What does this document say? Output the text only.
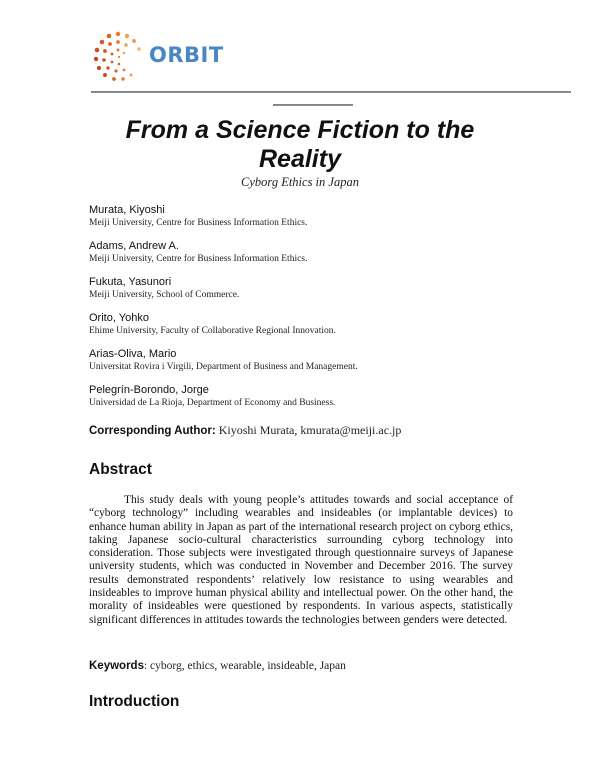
ORBIT
——————————————————————————————
—————
From a Science Fiction to the Reality
Cyborg Ethics in Japan
Murata, Kiyoshi
Meiji University, Centre for Business Information Ethics.
Adams, Andrew A.
Meiji University, Centre for Business Information Ethics.
Fukuta, Yasunori
Meiji University, School of Commerce.
Orito, Yohko
Ehime University, Faculty of Collaborative Regional Innovation.
Arias-Oliva, Mario
Universitat Rovira i Virgili, Department of Business and Management.
Pelegrín-Borondo, Jorge
Universidad de La Rioja, Department of Economy and Business.
Corresponding Author: Kiyoshi Murata, kmurata@meiji.ac.jp
Abstract

This study deals with young people’s attitudes towards and social acceptance of “cyborg technology” including wearables and insideables (or implantable devices) to enhance human ability in Japan as part of the international research project on cyborg ethics, taking Japanese socio-cultural characteristics surrounding cyborg technology into consideration. Those subjects were investigated through questionnaire surveys of Japanese university students, which was conducted in November and December 2016. The survey results demonstrated respondents’ relatively low resistance to using wearables and insideables to improve human physical ability and intellectual power. On the other hand, the morality of insideables were questioned by respondents. In various aspects, statistically significant differences in attitudes towards the technologies between genders were detected.

Keywords: cyborg, ethics, wearable, insideable, Japan
Introduction
